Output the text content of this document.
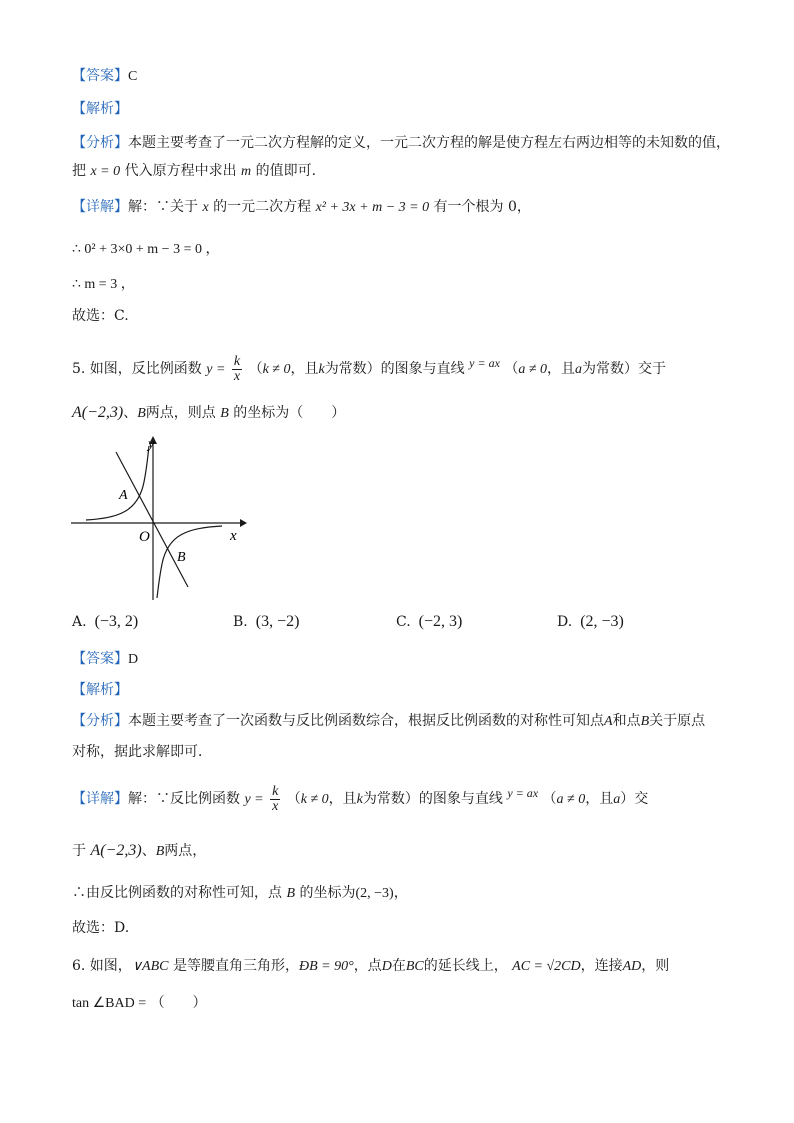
【答案】C
【解析】
【分析】本题主要考查了一元二次方程解的定义，一元二次方程的解是使方程左右两边相等的未知数的值，
把 x = 0 代入原方程中求出 m 的值即可.
【详解】解：∵关于 x 的一元二次方程 x² + 3x + m − 3 = 0 有一个根为 0，
∴ 0² + 3×0 + m − 3 = 0 ，
∴ m = 3 ，
故选：C.
5. 如图，反比例函数 $y = \frac{k}{x} (k \ne 0$，且k为常数）的图象与直线 y = ax （a ≠ 0，且a为常数）交于
A(−2,3)、B两点，则点 B 的坐标为（　　）
y
x
O
A
B
A. (−3, 2)	B. (3, −2)	C. (−2, 3)	D. (2, −3)
【答案】D
【解析】
【分析】本题主要考查了一次函数与反比例函数综合，根据反比例函数的对称性可知点A和点B关于原点
对称，据此求解即可．
【详解】解：∵反比例函数 $y = \frac{k}{x} (k \ne 0$，且k为常数）的图象与直线 y = ax （a ≠ 0，且a）交
于 A(−2,3)、B两点，
∴由反比例函数的对称性可知，点 B 的坐标为(2, −3)，
故选：D.
6. 如图，∨ABC 是等腰直角三角形，ÐB = 90°，点D在BC的延长线上， AC = √2CD，连接AD，则
tan ∠BAD = （　　）
